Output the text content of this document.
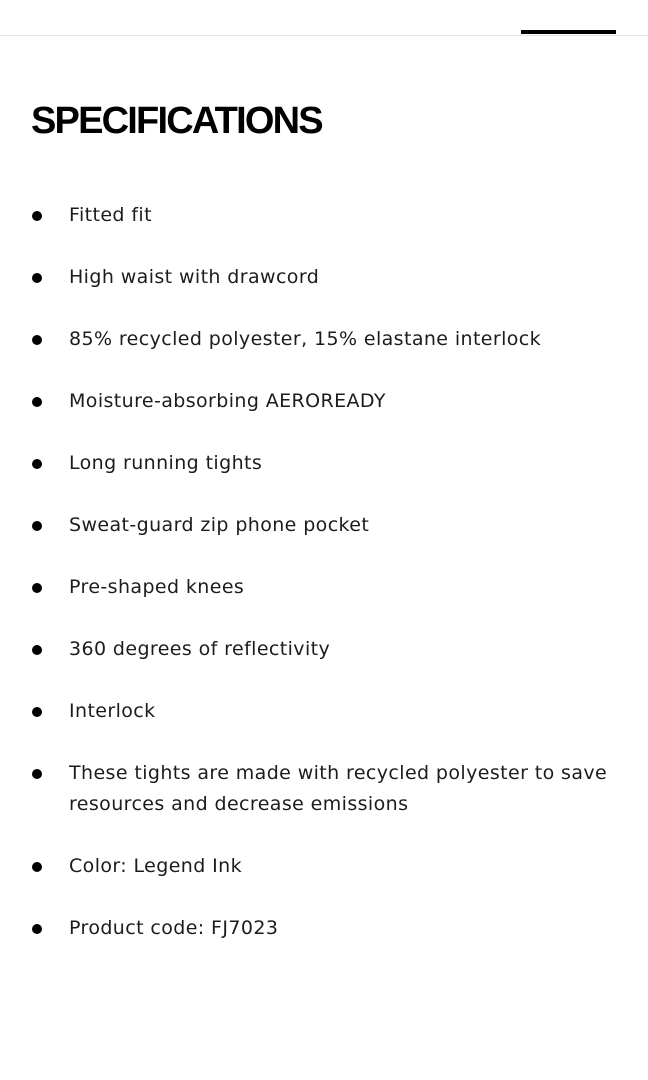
SPECIFICATIONS
Fitted fit
High waist with drawcord
85% recycled polyester, 15% elastane interlock
Moisture-absorbing AEROREADY
Long running tights
Sweat-guard zip phone pocket
Pre-shaped knees
360 degrees of reflectivity
Interlock
These tights are made with recycled polyester to save resources and decrease emissions
Color: Legend Ink
Product code: FJ7023
